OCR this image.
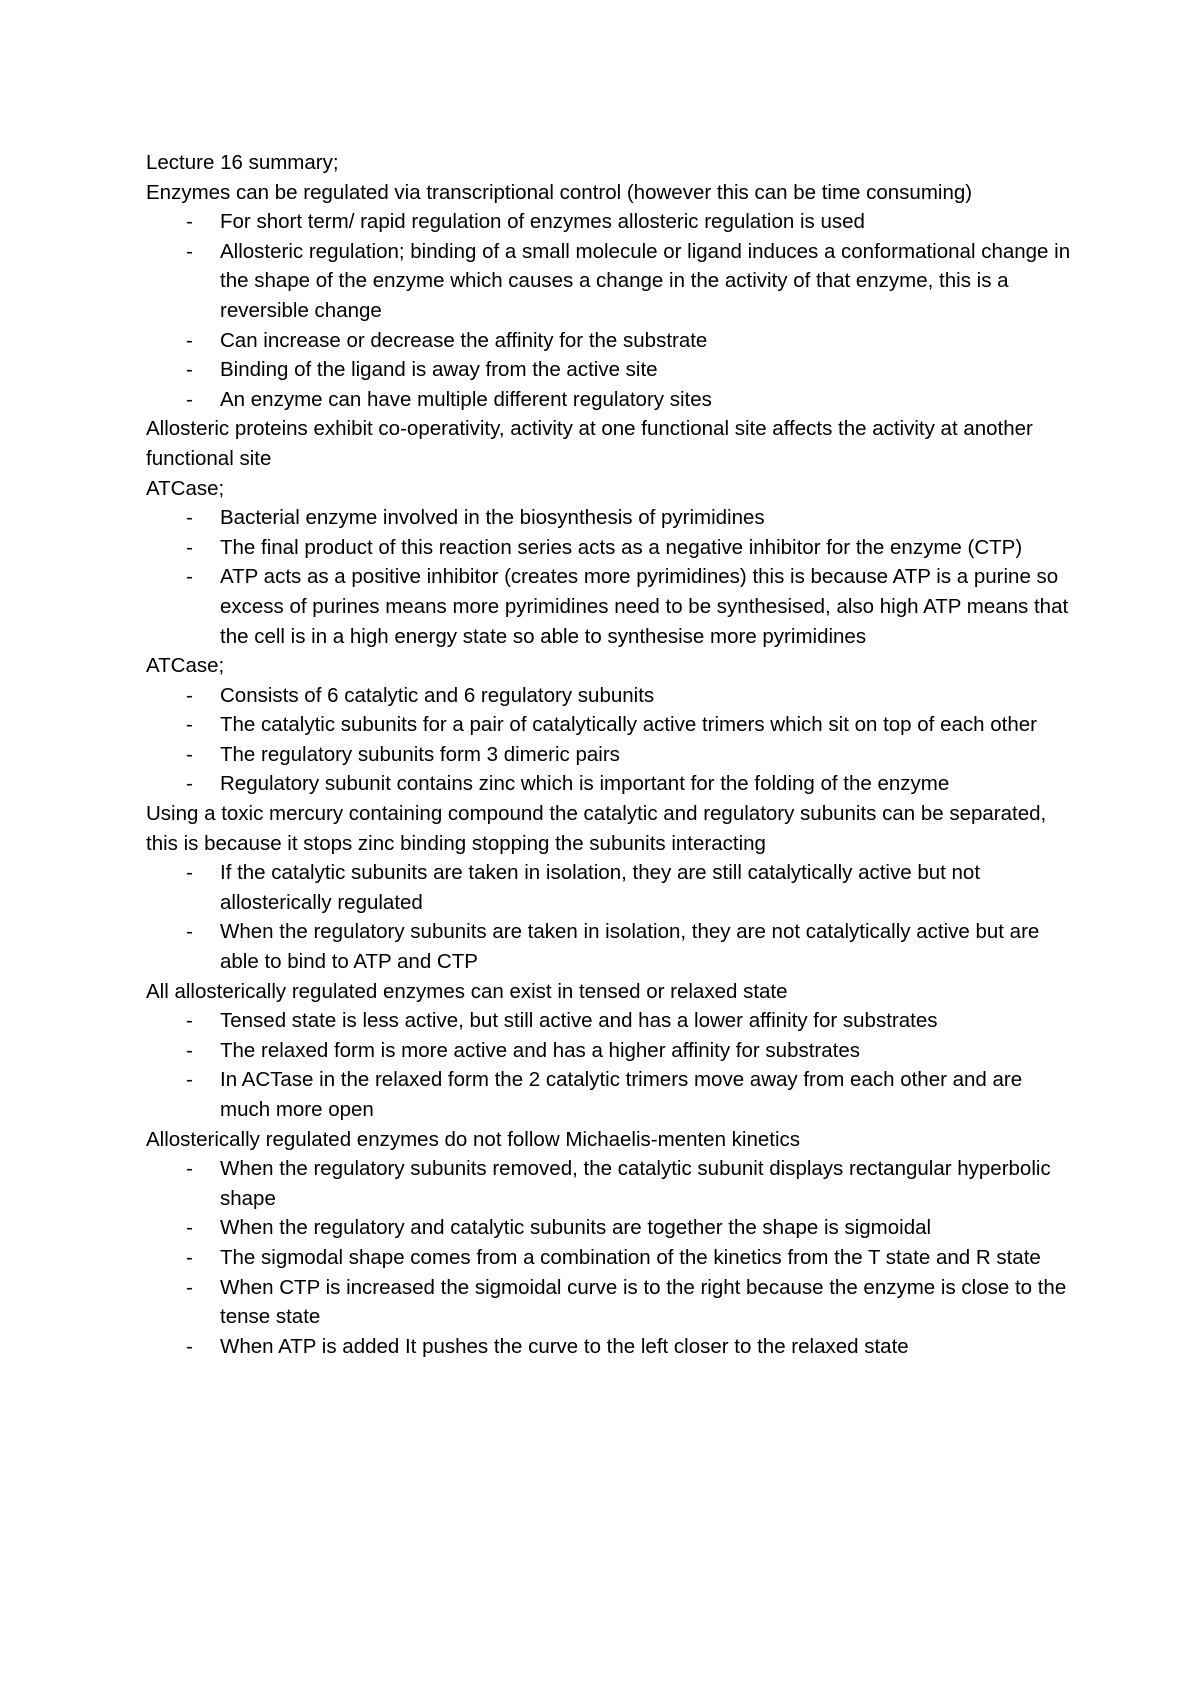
Lecture 16 summary;
Enzymes can be regulated via transcriptional control (however this can be time consuming)
- For short term/ rapid regulation of enzymes allosteric regulation is used
- Allosteric regulation; binding of a small molecule or ligand induces a conformational change in the shape of the enzyme which causes a change in the activity of that enzyme, this is a reversible change
- Can increase or decrease the affinity for the substrate
- Binding of the ligand is away from the active site
- An enzyme can have multiple different regulatory sites
Allosteric proteins exhibit co-operativity, activity at one functional site affects the activity at another functional site
ATCase;
- Bacterial enzyme involved in the biosynthesis of pyrimidines
- The final product of this reaction series acts as a negative inhibitor for the enzyme (CTP)
- ATP acts as a positive inhibitor (creates more pyrimidines) this is because ATP is a purine so excess of purines means more pyrimidines need to be synthesised, also high ATP means that the cell is in a high energy state so able to synthesise more pyrimidines
ATCase;
- Consists of 6 catalytic and 6 regulatory subunits
- The catalytic subunits for a pair of catalytically active trimers which sit on top of each other
- The regulatory subunits form 3 dimeric pairs
- Regulatory subunit contains zinc which is important for the folding of the enzyme
Using a toxic mercury containing compound the catalytic and regulatory subunits can be separated, this is because it stops zinc binding stopping the subunits interacting
- If the catalytic subunits are taken in isolation, they are still catalytically active but not allosterically regulated
- When the regulatory subunits are taken in isolation, they are not catalytically active but are able to bind to ATP and CTP
All allosterically regulated enzymes can exist in tensed or relaxed state
- Tensed state is less active, but still active and has a lower affinity for substrates
- The relaxed form is more active and has a higher affinity for substrates
- In ACTase in the relaxed form the 2 catalytic trimers move away from each other and are much more open
Allosterically regulated enzymes do not follow Michaelis-menten kinetics
- When the regulatory subunits removed, the catalytic subunit displays rectangular hyperbolic shape
- When the regulatory and catalytic subunits are together the shape is sigmoidal
- The sigmodal shape comes from a combination of the kinetics from the T state and R state
- When CTP is increased the sigmoidal curve is to the right because the enzyme is close to the tense state
- When ATP is added It pushes the curve to the left closer to the relaxed state
